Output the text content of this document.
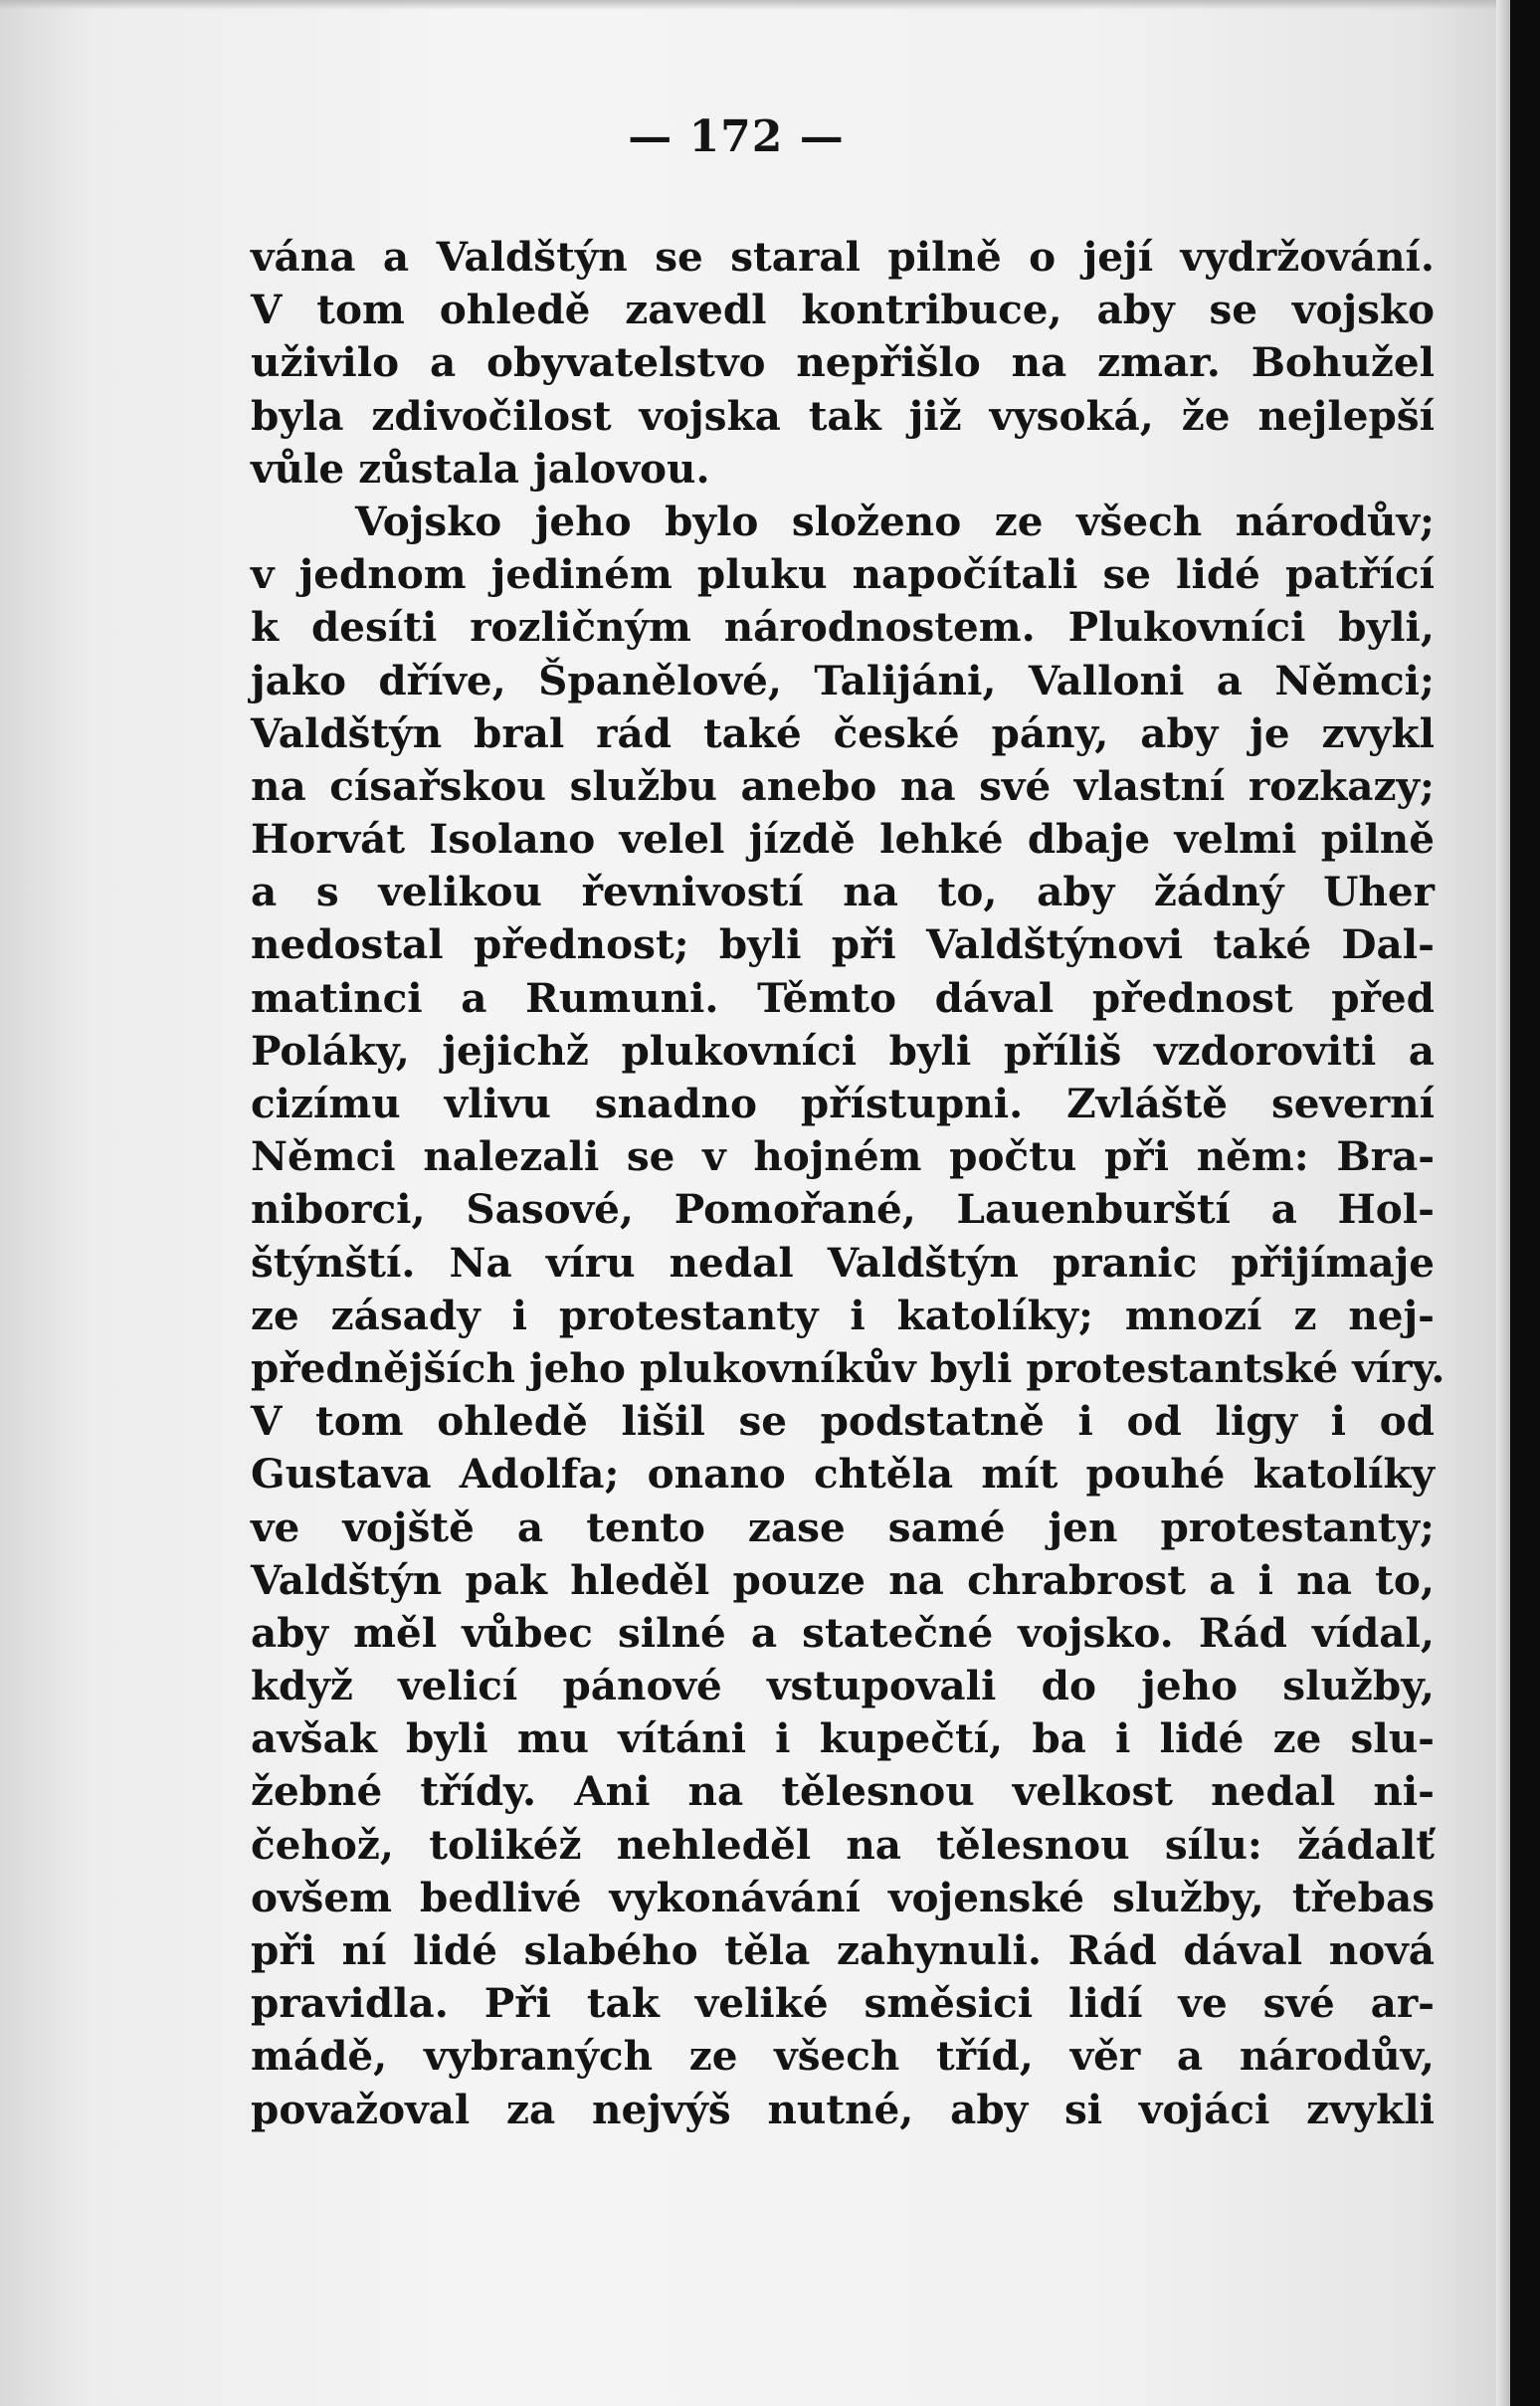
— 172 —
vána a Valdštýn se staral pilně o její vydržování.
V tom ohledě zavedl kontribuce, aby se vojsko
uživilo a obyvatelstvo nepřišlo na zmar. Bohužel
byla zdivočilost vojska tak již vysoká, že nejlepší
vůle zůstala jalovou.
Vojsko jeho bylo složeno ze všech národův;
v jednom jediném pluku napočítali se lidé patřící
k desíti rozličným národnostem. Plukovníci byli,
jako dříve, Španělové, Talijáni, Valloni a Němci;
Valdštýn bral rád také české pány, aby je zvykl
na císařskou službu anebo na své vlastní rozkazy;
Horvát Isolano velel jízdě lehké dbaje velmi pilně
a s velikou řevnivostí na to, aby žádný Uher
nedostal přednost; byli při Valdštýnovi také Dal-
matinci a Rumuni. Těmto dával přednost před
Poláky, jejichž plukovníci byli příliš vzdoroviti a
cizímu vlivu snadno přístupni. Zvláště severní
Němci nalezali se v hojném počtu při něm: Bra-
niborci, Sasové, Pomořané, Lauenburští a Hol-
štýnští. Na víru nedal Valdštýn pranic přijímaje
ze zásady i protestanty i katolíky; mnozí z nej-
přednějších jeho plukovníkův byli protestantské víry.
V tom ohledě lišil se podstatně i od ligy i od
Gustava Adolfa; onano chtěla mít pouhé katolíky
ve vojště a tento zase samé jen protestanty;
Valdštýn pak hleděl pouze na chrabrost a i na to,
aby měl vůbec silné a statečné vojsko. Rád vídal,
když velicí pánové vstupovali do jeho služby,
avšak byli mu vítáni i kupečtí, ba i lidé ze slu-
žebné třídy. Ani na tělesnou velkost nedal ni-
čehož, tolikéž nehleděl na tělesnou sílu: žádalť
ovšem bedlivé vykonávání vojenské služby, třebas
při ní lidé slabého těla zahynuli. Rád dával nová
pravidla. Při tak veliké směsici lidí ve své ar-
mádě, vybraných ze všech tříd, věr a národův,
považoval za nejvýš nutné, aby si vojáci zvykli
